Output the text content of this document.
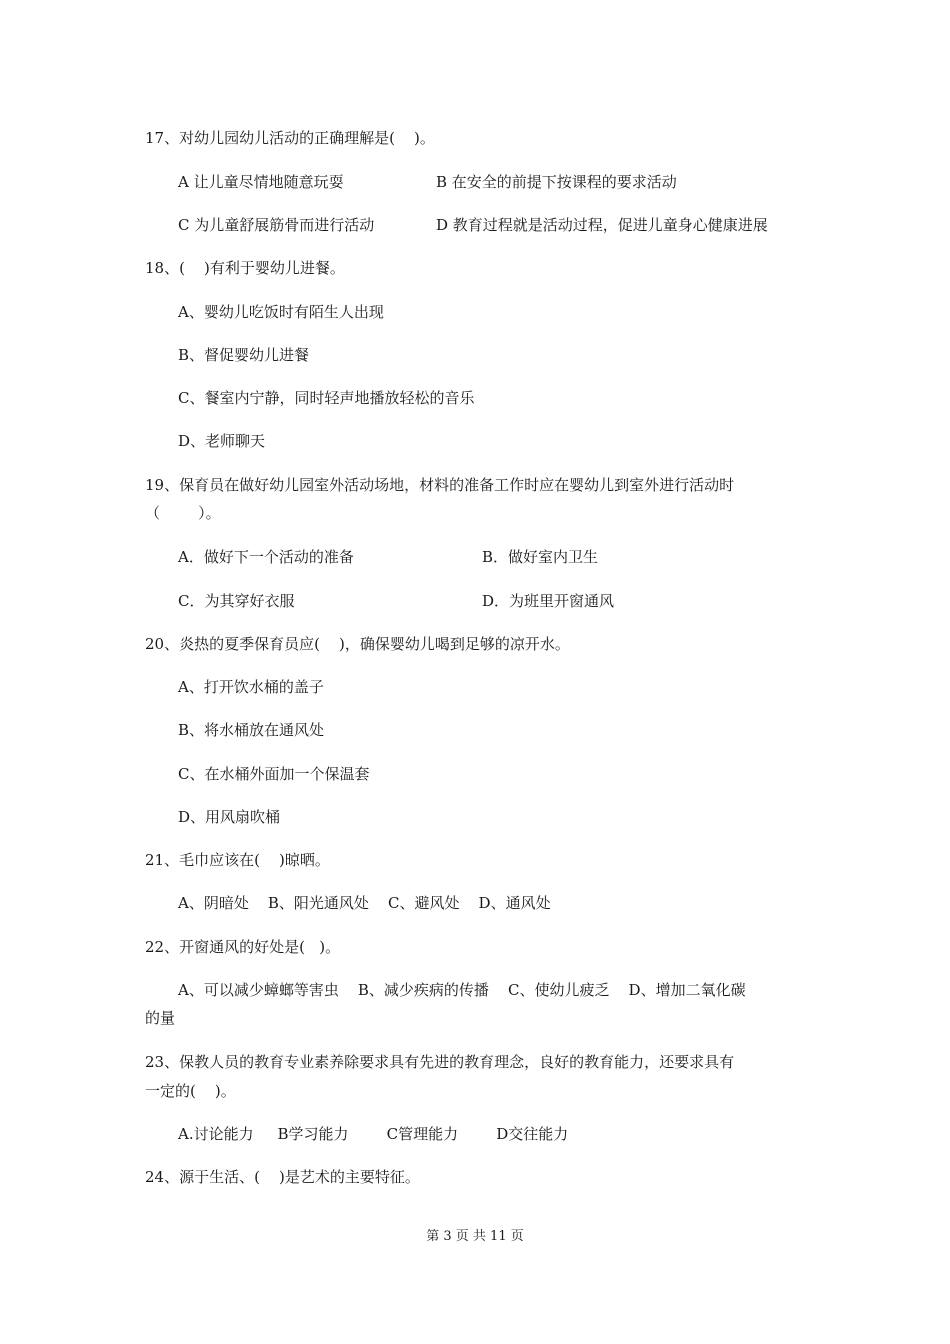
17、对幼儿园幼儿活动的正确理解是(    )。

A 让儿童尽情地随意玩耍	B 在安全的前提下按课程的要求活动

C 为儿童舒展筋骨而进行活动	D 教育过程就是活动过程，促进儿童身心健康进展

18、(    )有利于婴幼儿进餐。

A、婴幼儿吃饭时有陌生人出现

B、督促婴幼儿进餐

C、餐室内宁静，同时轻声地播放轻松的音乐

D、老师聊天

19、保育员在做好幼儿园室外活动场地，材料的准备工作时应在婴幼儿到室外进行活动时

（        ）。

A．做好下一个活动的准备	B．做好室内卫生

C．为其穿好衣服	D．为班里开窗通风

20、炎热的夏季保育员应(    )，确保婴幼儿喝到足够的凉开水。

A、打开饮水桶的盖子

B、将水桶放在通风处

C、在水桶外面加一个保温套

D、用风扇吹桶

21、毛巾应该在(    )晾晒。

A、阴暗处    B、阳光通风处    C、避风处    D、通风处

22、开窗通风的好处是(   )。

A、可以减少蟑螂等害虫    B、减少疾病的传播    C、使幼儿疲乏    D、增加二氧化碳

的量

23、保教人员的教育专业素养除要求具有先进的教育理念，良好的教育能力，还要求具有

一定的(    )。

A.讨论能力     B学习能力        C管理能力        D交往能力

24、源于生活、(    )是艺术的主要特征。

第 3 页 共 11 页
